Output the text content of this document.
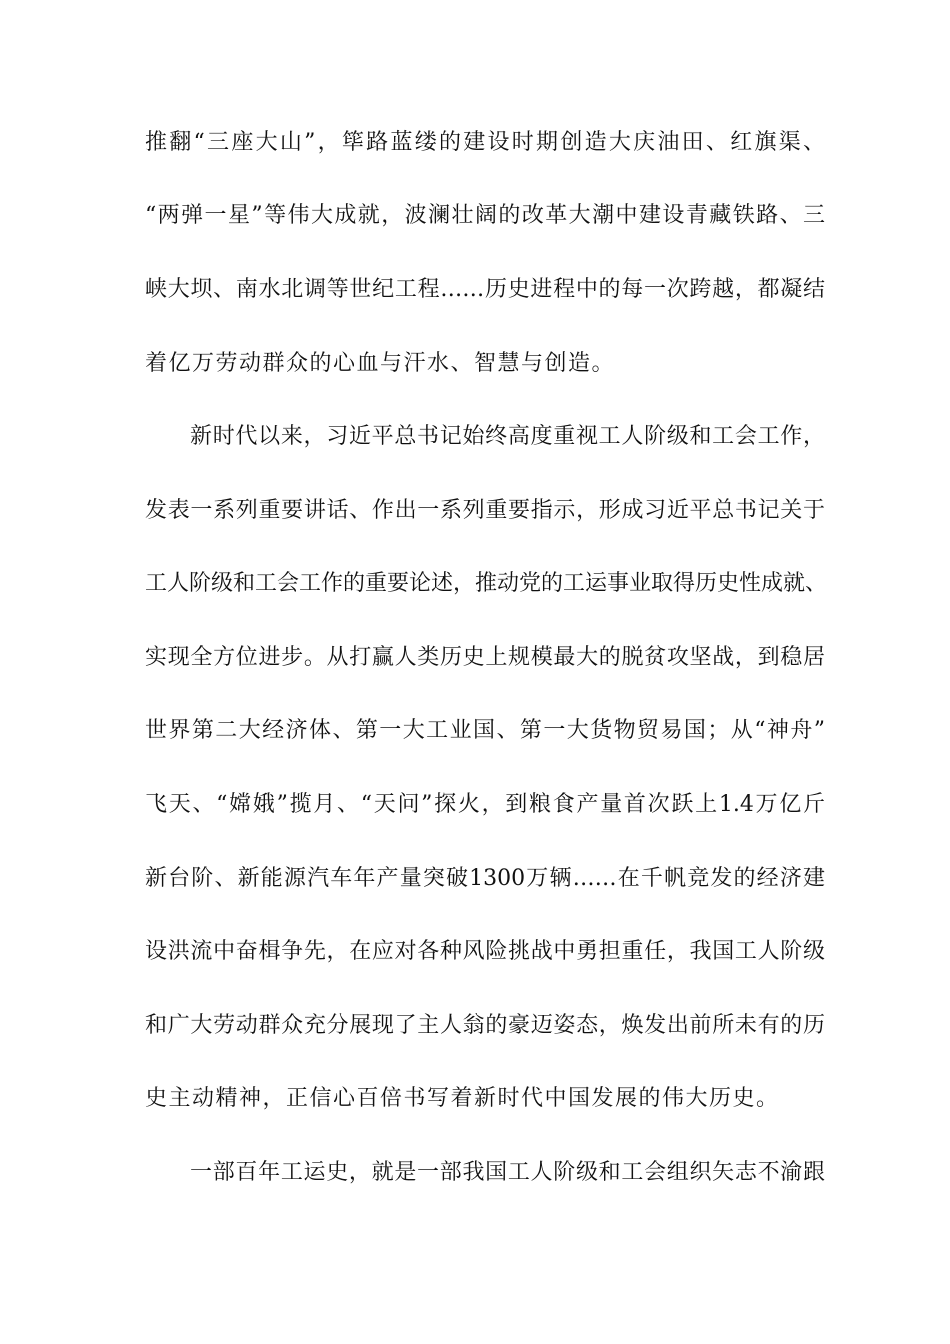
推翻“三座大山”，筚路蓝缕的建设时期创造大庆油田、红旗渠、
“两弹一星”等伟大成就，波澜壮阔的改革大潮中建设青藏铁路、三
峡大坝、南水北调等世纪工程……历史进程中的每一次跨越，都凝结
着亿万劳动群众的心血与汗水、智慧与创造。
新时代以来，习近平总书记始终高度重视工人阶级和工会工作，
发表一系列重要讲话、作出一系列重要指示，形成习近平总书记关于
工人阶级和工会工作的重要论述，推动党的工运事业取得历史性成就、
实现全方位进步。从打赢人类历史上规模最大的脱贫攻坚战，到稳居
世界第二大经济体、第一大工业国、第一大货物贸易国；从“神舟”
飞天、“嫦娥”揽月、“天问”探火，到粮食产量首次跃上1.4万亿斤
新台阶、新能源汽车年产量突破1300万辆……在千帆竞发的经济建
设洪流中奋楫争先，在应对各种风险挑战中勇担重任，我国工人阶级
和广大劳动群众充分展现了主人翁的豪迈姿态，焕发出前所未有的历
史主动精神，正信心百倍书写着新时代中国发展的伟大历史。
一部百年工运史，就是一部我国工人阶级和工会组织矢志不渝跟
